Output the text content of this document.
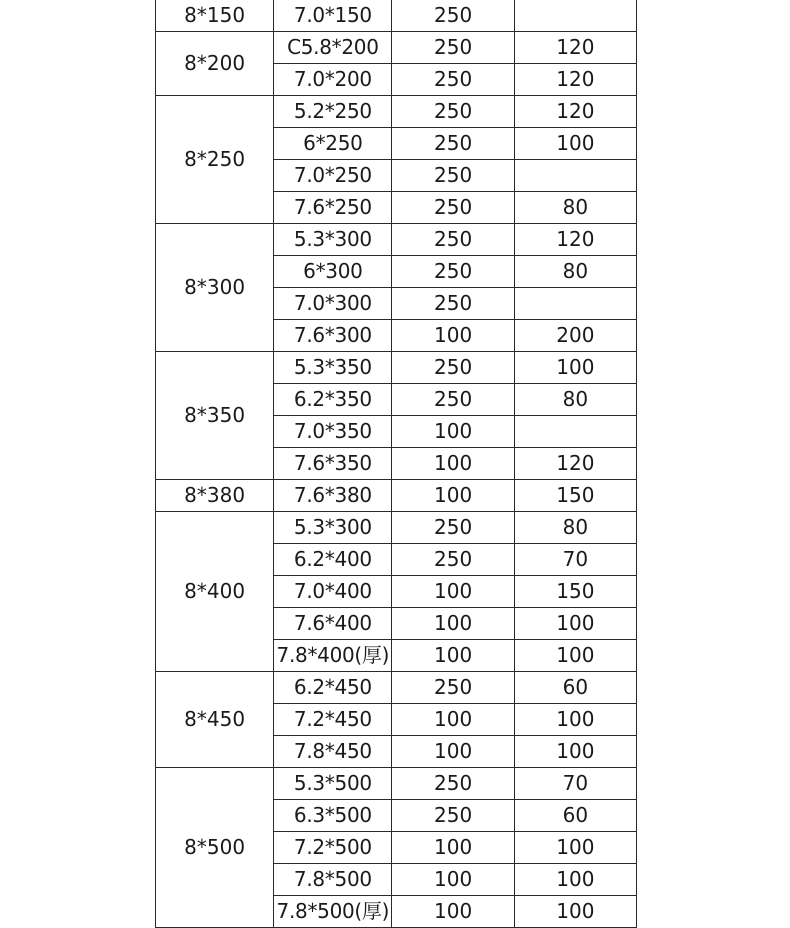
8*150	7.0*150	250	
8*200	C5.8*200	250	120
	7.0*200	250	120
8*250	5.2*250	250	120
	6*250	250	100
	7.0*250	250	
	7.6*250	250	80
8*300	5.3*300	250	120
	6*300	250	80
	7.0*300	250	
	7.6*300	100	200
8*350	5.3*350	250	100
	6.2*350	250	80
	7.0*350	100	
	7.6*350	100	120
8*380	7.6*380	100	150
8*400	5.3*300	250	80
	6.2*400	250	70
	7.0*400	100	150
	7.6*400	100	100
	7.8*400(厚)	100	100
8*450	6.2*450	250	60
	7.2*450	100	100
	7.8*450	100	100
8*500	5.3*500	250	70
	6.3*500	250	60
	7.2*500	100	100
	7.8*500	100	100
	7.8*500(厚)	100	100
